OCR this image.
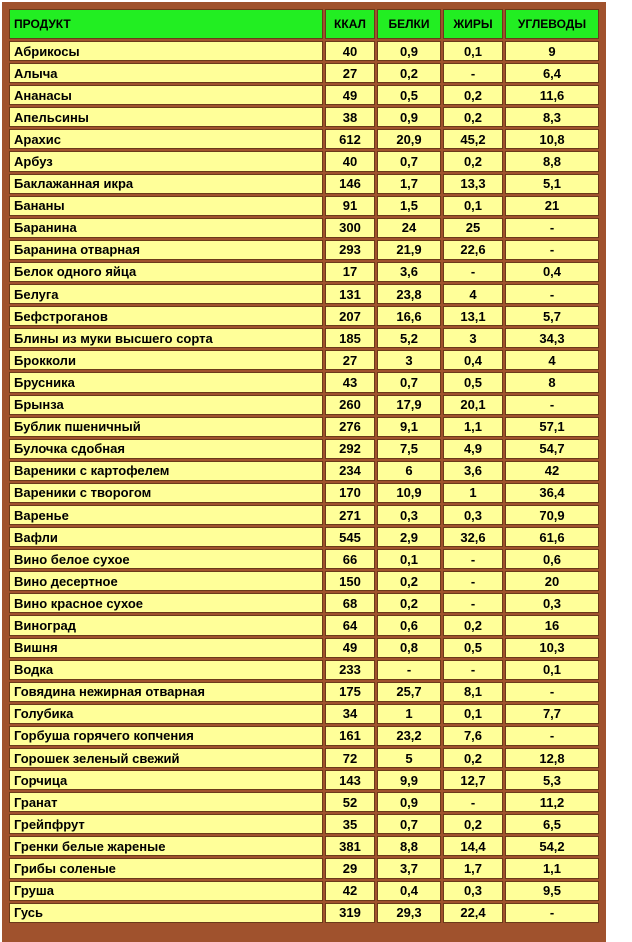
ПРОДУКТ	ККАЛ	БЕЛКИ	ЖИРЫ	УГЛЕВОДЫ
Абрикосы	40	0,9	0,1	9
Алыча	27	0,2	-	6,4
Ананасы	49	0,5	0,2	11,6
Апельсины	38	0,9	0,2	8,3
Арахис	612	20,9	45,2	10,8
Арбуз	40	0,7	0,2	8,8
Баклажанная икра	146	1,7	13,3	5,1
Бананы	91	1,5	0,1	21
Баранина	300	24	25	-
Баранина отварная	293	21,9	22,6	-
Белок одного яйца	17	3,6	-	0,4
Белуга	131	23,8	4	-
Бефстроганов	207	16,6	13,1	5,7
Блины из муки высшего сорта	185	5,2	3	34,3
Брокколи	27	3	0,4	4
Брусника	43	0,7	0,5	8
Брынза	260	17,9	20,1	-
Бублик пшеничный	276	9,1	1,1	57,1
Булочка сдобная	292	7,5	4,9	54,7
Вареники с картофелем	234	6	3,6	42
Вареники с творогом	170	10,9	1	36,4
Варенье	271	0,3	0,3	70,9
Вафли	545	2,9	32,6	61,6
Вино белое сухое	66	0,1	-	0,6
Вино десертное	150	0,2	-	20
Вино красное сухое	68	0,2	-	0,3
Виноград	64	0,6	0,2	16
Вишня	49	0,8	0,5	10,3
Водка	233	-	-	0,1
Говядина нежирная отварная	175	25,7	8,1	-
Голубика	34	1	0,1	7,7
Горбуша горячего копчения	161	23,2	7,6	-
Горошек зеленый свежий	72	5	0,2	12,8
Горчица	143	9,9	12,7	5,3
Гранат	52	0,9	-	11,2
Грейпфрут	35	0,7	0,2	6,5
Гренки белые жареные	381	8,8	14,4	54,2
Грибы соленые	29	3,7	1,7	1,1
Груша	42	0,4	0,3	9,5
Гусь	319	29,3	22,4	-
